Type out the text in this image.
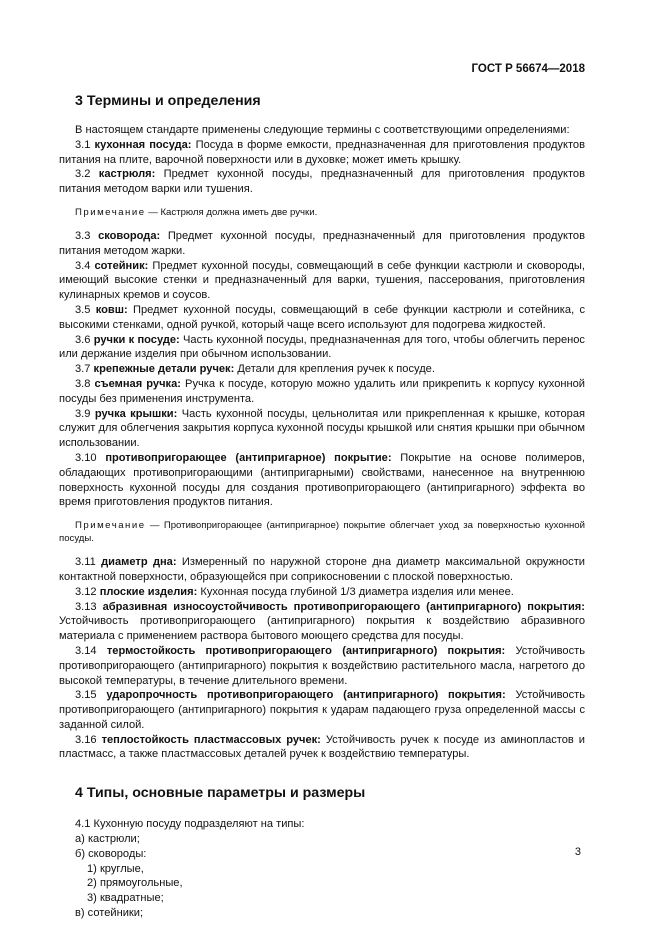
ГОСТ Р 56674—2018
3 Термины и определения

В настоящем стандарте применены следующие термины с соответствующими определениями:

3.1 кухонная посуда: Посуда в форме емкости, предназначенная для приготовления продуктов питания на плите, варочной поверхности или в духовке; может иметь крышку.

3.2 кастрюля: Предмет кухонной посуды, предназначенный для приготовления продуктов питания методом варки или тушения.

Примечание — Кастрюля должна иметь две ручки.

3.3 сковорода: Предмет кухонной посуды, предназначенный для приготовления продуктов питания методом жарки.

3.4 сотейник: Предмет кухонной посуды, совмещающий в себе функции кастрюли и сковороды, имеющий высокие стенки и предназначенный для варки, тушения, пассерования, приготовления кулинарных кремов и соусов.

3.5 ковш: Предмет кухонной посуды, совмещающий в себе функции кастрюли и сотейника, с высокими стенками, одной ручкой, который чаще всего используют для подогрева жидкостей.

3.6 ручки к посуде: Часть кухонной посуды, предназначенная для того, чтобы облегчить перенос или держание изделия при обычном использовании.

3.7 крепежные детали ручек: Детали для крепления ручек к посуде.

3.8 съемная ручка: Ручка к посуде, которую можно удалить или прикрепить к корпусу кухонной посуды без применения инструмента.

3.9 ручка крышки: Часть кухонной посуды, цельнолитая или прикрепленная к крышке, которая служит для облегчения закрытия корпуса кухонной посуды крышкой или снятия крышки при обычном использовании.

3.10 противопригорающее (антипригарное) покрытие: Покрытие на основе полимеров, обладающих противопригорающими (антипригарными) свойствами, нанесенное на внутреннюю поверхность кухонной посуды для создания противопригорающего (антипригарного) эффекта во время приготовления продуктов питания.

Примечание — Противопригорающее (антипригарное) покрытие облегчает уход за поверхностью кухонной посуды.

3.11 диаметр дна: Измеренный по наружной стороне дна диаметр максимальной окружности контактной поверхности, образующейся при соприкосновении с плоской поверхностью.

3.12 плоские изделия: Кухонная посуда глубиной 1/3 диаметра изделия или менее.

3.13 абразивная износоустойчивость противопригорающего (антипригарного) покрытия: Устойчивость противопригорающего (антипригарного) покрытия к воздействию абразивного материала с применением раствора бытового моющего средства для посуды.

3.14 термостойкость противопригорающего (антипригарного) покрытия: Устойчивость противопригорающего (антипригарного) покрытия к воздействию растительного масла, нагретого до высокой температуры, в течение длительного времени.

3.15 ударопрочность противопригорающего (антипригарного) покрытия: Устойчивость противопригорающего (антипригарного) покрытия к ударам падающего груза определенной массы с заданной силой.

3.16 теплостойкость пластмассовых ручек: Устойчивость ручек к посуде из аминопластов и пластмасс, а также пластмассовых деталей ручек к воздействию температуры.

4 Типы, основные параметры и размеры
4.1 Кухонную посуду подразделяют на типы:
а) кастрюли;
б) сковороды:
1) круглые,
2) прямоугольные,
3) квадратные;
в) сотейники;
3
